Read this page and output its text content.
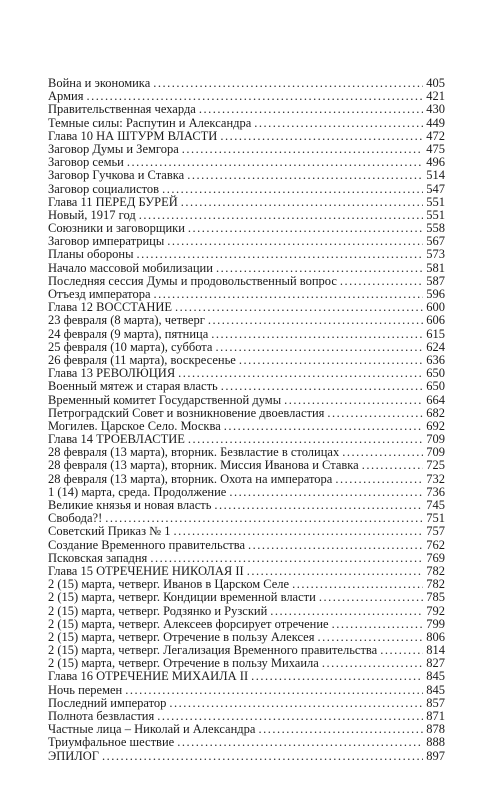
Война и экономика .....	405
Армия .....	421
Правительственная чехарда .....	430
Темные силы: Распутин и Александра .....	449
Глава 10 НА ШТУРМ ВЛАСТИ .....	472
Заговор Думы и Земгора .....	475
Заговор семьи .....	496
Заговор Гучкова и Ставка .....	514
Заговор социалистов .....	547
Глава 11 ПЕРЕД БУРЕЙ .....	551
Новый, 1917 год .....	551
Союзники и заговорщики .....	558
Заговор императрицы .....	567
Планы обороны .....	573
Начало массовой мобилизации .....	581
Последняя сессия Думы и продовольственный вопрос .....	587
Отъезд императора .....	596
Глава 12 ВОССТАНИЕ .....	600
23 февраля (8 марта), четверг .....	606
24 февраля (9 марта), пятница .....	615
25 февраля (10 марта), суббота .....	624
26 февраля (11 марта), воскресенье .....	636
Глава 13 РЕВОЛЮЦИЯ .....	650
Военный мятеж и старая власть .....	650
Временный комитет Государственной думы .....	664
Петроградский Совет и возникновение двоевластия .....	682
Могилев. Царское Село. Москва .....	692
Глава 14 ТРОЕВЛАСТИЕ .....	709
28 февраля (13 марта), вторник. Безвластие в столицах .....	709
28 февраля (13 марта), вторник. Миссия Иванова и Ставка .....	725
28 февраля (13 марта), вторник. Охота на императора .....	732
1 (14) марта, среда. Продолжение .....	736
Великие князья и новая власть .....	745
Свобода?! .....	751
Советский Приказ № 1 .....	757
Создание Временного правительства .....	762
Псковская западня .....	769
Глава 15 ОТРЕЧЕНИЕ НИКОЛАЯ II .....	782
2 (15) марта, четверг. Иванов в Царском Селе .....	782
2 (15) марта, четверг. Кондиции временной власти .....	785
2 (15) марта, четверг. Родзянко и Рузский .....	792
2 (15) марта, четверг. Алексеев форсирует отречение .....	799
2 (15) марта, четверг. Отречение в пользу Алексея .....	806
2 (15) марта, четверг. Легализация Временного правительства .....	814
2 (15) марта, четверг. Отречение в пользу Михаила .....	827
Глава 16 ОТРЕЧЕНИЕ МИХАИЛА II .....	845
Ночь перемен .....	845
Последний император .....	857
Полнота безвластия .....	871
Частные лица – Николай и Александра .....	878
Триумфальное шествие .....	888
ЭПИЛОГ .....	897
